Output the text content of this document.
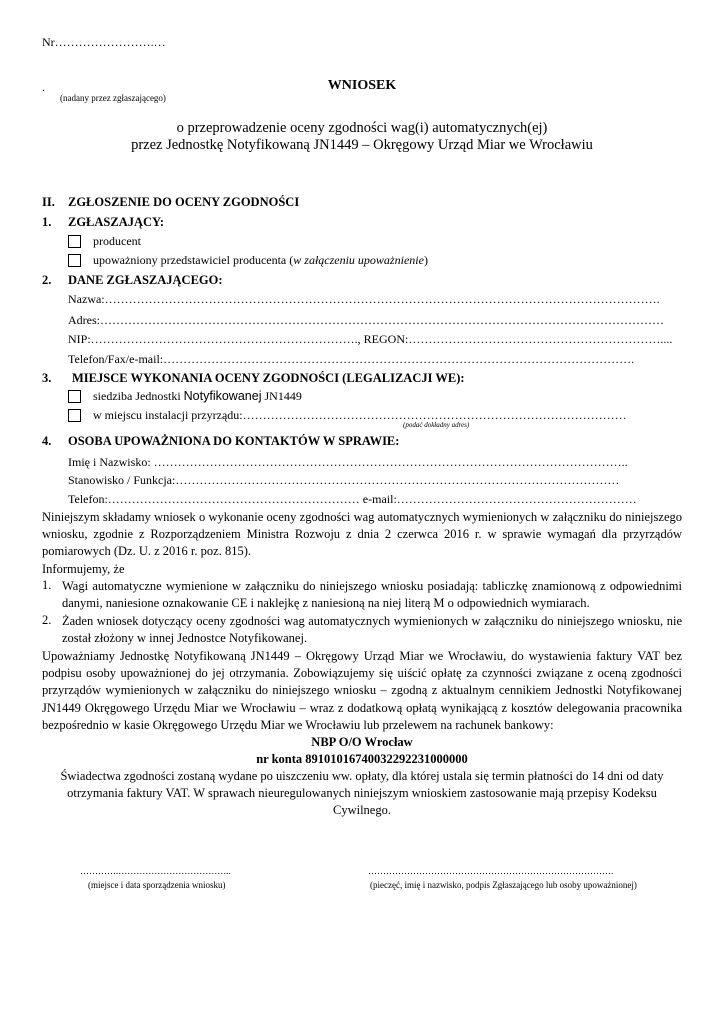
Nr…………………….…
.
(nadany przez zgłaszającego)
WNIOSEK
o przeprowadzenie oceny zgodności wag(i) automatycznych(ej)
przez Jednostkę Notyfikowaną JN1449 – Okręgowy Urząd Miar we Wrocławiu
II. ZGŁOSZENIE DO OCENY ZGODNOŚCI
1. ZGŁASZAJĄCY:
producent
upoważniony przedstawiciel producenta (w załączeniu upoważnienie)
2. DANE ZGŁASZAJĄCEGO:
Nazwa:………………………………………………………………………………………………………………………….
Adres:……………………………………………………………………………………………………………………………
NIP:…………………………………………………………., REGON:………………………………………………………....
Telefon/Fax/e-mail:……………………………………………………………………………………………………….
3. MIEJSCE WYKONANIA OCENY ZGODNOŚCI (LEGALIZACJI WE):
siedziba Jednostki Notyfikowanej JN1449
w miejscu instalacji przyrządu:……………………………………………………………………………………
(podać dokładny adres)
4. OSOBA UPOWAŻNIONA DO KONTAKTÓW W SPRAWIE:
Imię i Nazwisko: ………………………………………………………………………………………………………..
Stanowisko / Funkcja:…………………………………………………………………………………………………
Telefon:……………………………………………………… e-mail:……………………………………………………
Niniejszym składamy wniosek o wykonanie oceny zgodności wag automatycznych wymienionych w załączniku do niniejszego wniosku, zgodnie z Rozporządzeniem Ministra Rozwoju z dnia 2 czerwca 2016 r. w sprawie wymagań dla przyrządów pomiarowych (Dz. U. z 2016 r. poz. 815).
Informujemy, że
1. Wagi automatyczne wymienione w załączniku do niniejszego wniosku posiadają: tabliczkę znamionową z odpowiednimi danymi, naniesione oznakowanie CE i naklejkę z naniesioną na niej literą M o odpowiednich wymiarach.
2. Żaden wniosek dotyczący oceny zgodności wag automatycznych wymienionych w załączniku do niniejszego wniosku, nie został złożony w innej Jednostce Notyfikowanej.
Upoważniamy Jednostkę Notyfikowaną JN1449 – Okręgowy Urząd Miar we Wrocławiu, do wystawienia faktury VAT bez podpisu osoby upoważnionej do jej otrzymania. Zobowiązujemy się uiścić opłatę za czynności związane z oceną zgodności przyrządów wymienionych w załączniku do niniejszego wniosku – zgodną z aktualnym cennikiem Jednostki Notyfikowanej JN1449 Okręgowego Urzędu Miar we Wrocławiu – wraz z dodatkową opłatą wynikającą z kosztów delegowania pracownika bezpośrednio w kasie Okręgowego Urzędu Miar we Wrocławiu lub przelewem na rachunek bankowy:
NBP O/O Wrocław
nr konta 89101016740032292231000000
Świadectwa zgodności zostaną wydane po uiszczeniu ww. opłaty, dla której ustala się termin płatności do 14 dni od daty otrzymania faktury VAT. W sprawach nieuregulowanych niniejszym wnioskiem zastosowanie mają przepisy Kodeksu Cywilnego.
………….………………………………..
(miejsce i data sporządzenia wniosku)
……………………………………………………………………….
(pieczęć, imię i nazwisko, podpis Zgłaszającego lub osoby upoważnionej)
